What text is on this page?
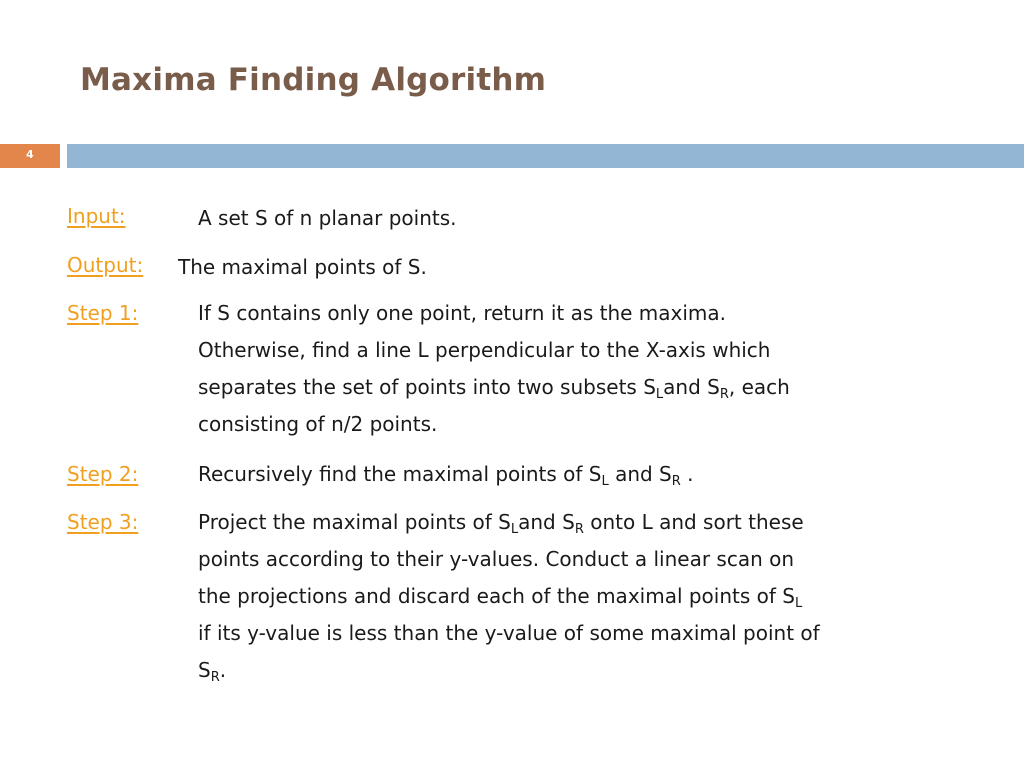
Maxima Finding Algorithm
4
Input:	A set S of n planar points.
Output: The maximal points of S.
Step 1:	If S contains only one point, return it as the maxima.
Otherwise, find a line L perpendicular to the X-axis which
separates the set of points into two subsets $S_Land$ $S_R$, each
consisting of n/2 points.
Step 2:	Recursively find the maximal points of $S_L$ and $S_R$ .
Step 3:	Project the maximal points of $S_Land$ $S_R$ onto L and sort these
points according to their y-values. Conduct a linear scan on
the projections and discard each of the maximal points of $S_L$
if its y-value is less than the y-value of some maximal point of
$S_R$.
